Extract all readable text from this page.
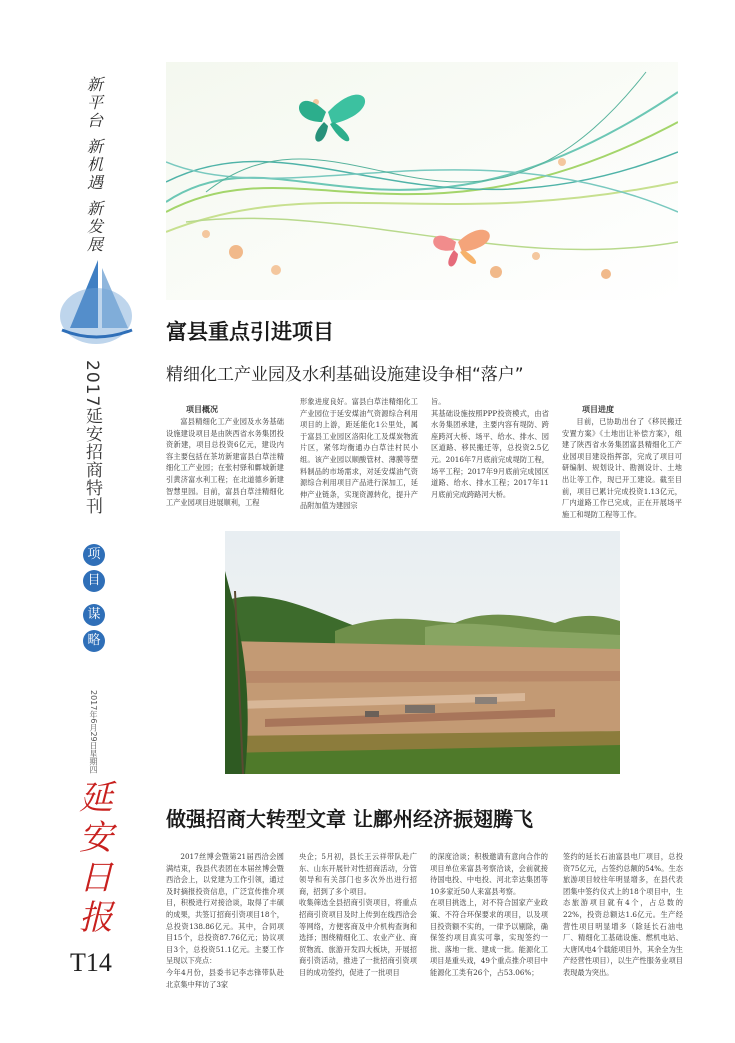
新平台
新机遇
新发展
2017延安招商特刊
项
目
谋
略
2017年6月29日星期四
延安日报
T14
富县重点引进项目
精细化工产业园及水利基础设施建设争相“落户”
项目概况
富县精细化工产业园及水务基础设施建设项目是由陕西省水务集团投资新建，项目总投资6亿元，建设内容主要包括在茶坊新建富县白草洼精细化工产业园；在张村驿和鄜城新建引黄济富水利工程；在北道德乡新建智慧里园。目前，富县白草洼精细化工产业园项目进展顺利，工程
形象进度良好。富县白草洼精细化工产业园位于延安煤油气资源综合利用项目的上游，距延能化1公里处，属于富县工业园区洛阳化工及煤炭物流片区，紧邻均衡通办白草洼村民小组。该产业园以顺酸管材、薄膜等塑料制品的市场需求，对延安煤油气资源综合利用项目产品进行深加工，延伸产业链条，实现资源转化，提升产品附加值为建园宗
旨。
其基础设施按照PPP投资模式，由省水务集团承建，主要内容有堤防、跨座跨河大桥、场平、给水、排水、园区道路、移民搬迁等，总投资2.5亿元。2016年7月底前完成堤防工程，场平工程；2017年9月底前完成园区道路、给水、排水工程；2017年11月底前完成跨路河大桥。
项目进度
目前，已协助出台了《移民搬迁安置方案》《土地出让补偿方案》，组建了陕西省水务集团富县精细化工产业园项目建设指挥部，完成了项目可研编制、规划设计、勘测设计、土地出让等工作，现已开工建设。截至目前，项目已累计完成投资1.13亿元，厂内道路工作已完成，正在开展场平施工和堤防工程等工作。
做强招商大转型文章 让鄜州经济振翅腾飞
2017丝博会暨第21届西洽会圆满结束，我县代表团在本届丝博会暨西洽会上，以党建为工作引领，通过及时摘报投资信息，广泛宣传推介项目，积极进行对接洽谈，取得了丰硕的成果，共签订招商引资项目18个，总投资138.86亿元。其中，合同项目15个，总投资87.76亿元；协议项目3个，总投资51.1亿元。主要工作呈现以下亮点：
今年4月份，县委书记李志锋带队赴北京集中拜访了3家
央企；5月初，县长王云祥带队赴广东、山东开展针对性招商活动，分管领导和有关部门也多次外出进行招商，招到了多个项目。
收集筛选全县招商引资项目，将重点招商引资项目及时上传到在线西洽会等网络，方便客商及中介机构查询和选择；围绕精细化工、农业产业、商贸物流、旅游开发四大板块，开展招商引资活动，推进了一批招商引资项目的成功签约，促进了一批项目
的深度洽谈；积极邀请有意向合作的项目单位来富县考察洽谈，会前就接待国电投、中电投、河北幸达集团等10多家近50人来富县考察。
在项目挑选上，对不符合国家产业政策、不符合环保要求的项目，以及项目投资额不实的，一律予以剔除，确保签约项目真实可靠，实现签约一批、落地一批、建成一批。能源化工项目是重头戏，49个重点推介项目中能源化工类有26个，占53.06%；
签约的延长石油富县电厂项目，总投资75亿元，占签约总额的54%。生态旅游项目较往年明显增多，在县代表团集中签约仪式上的18个项目中，生态旅游项目就有4个，占总数的22%，投资总额达1.6亿元。生产经营性项目明显增多（除延长石油电厂、精细化工基础设施、燃机电站、大唐风电4个载能项目外，其余全为生产经营性项目），以生产性服务业项目表现最为突出。
